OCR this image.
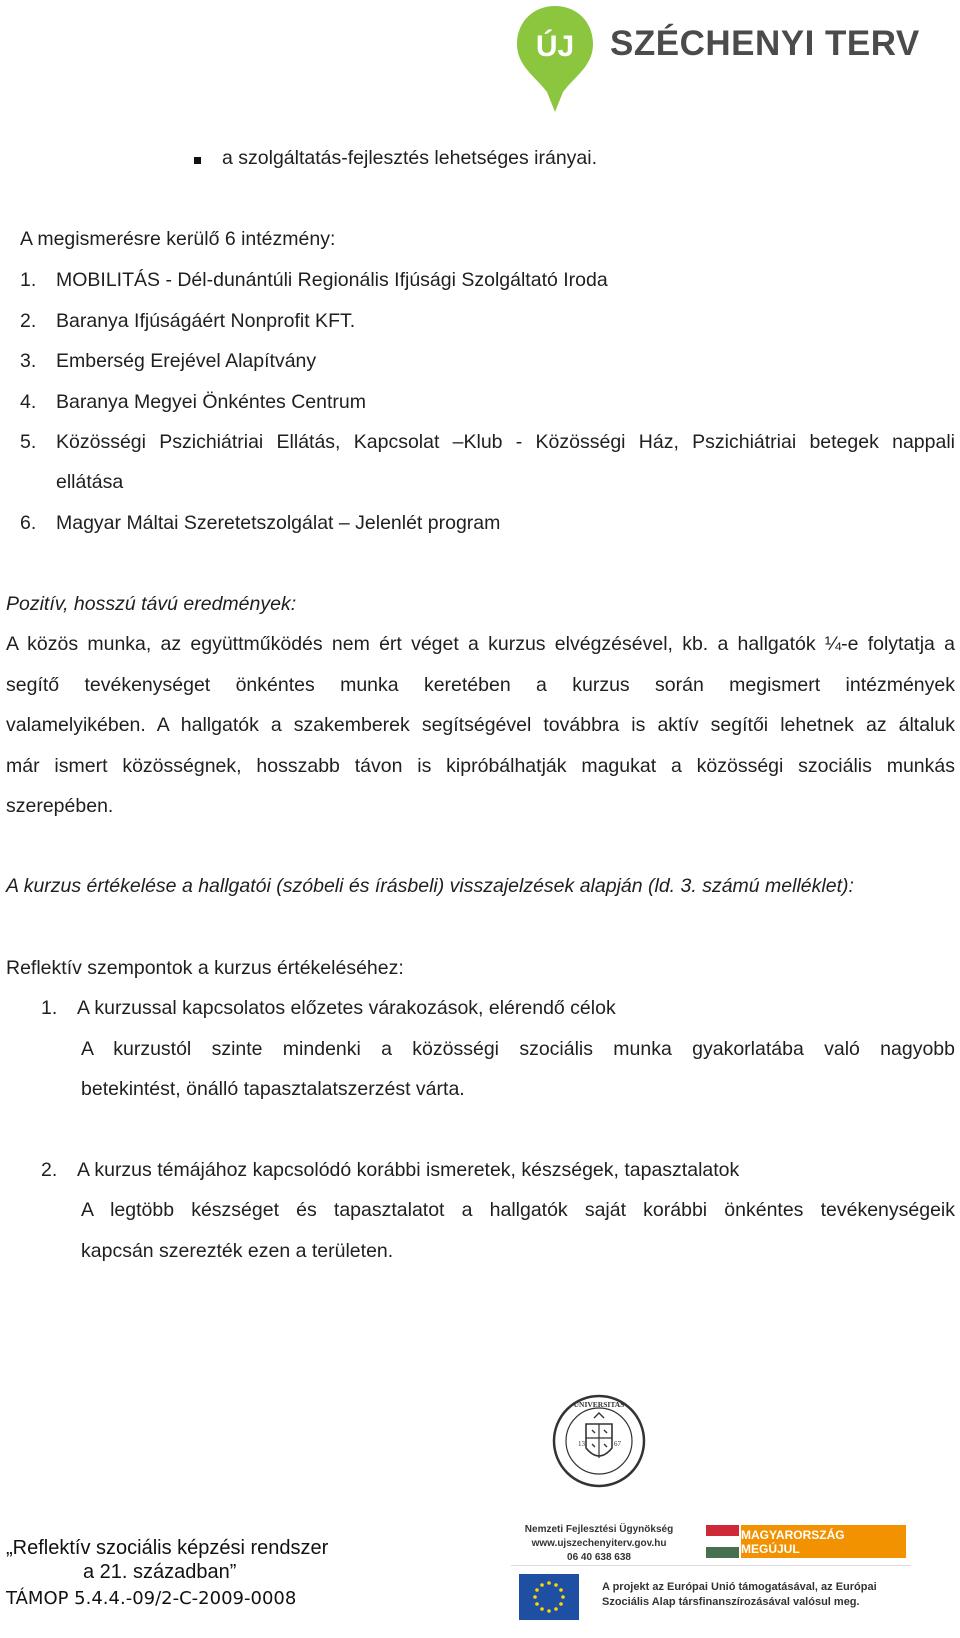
ÚJ SZÉCHENYI TERV
a szolgáltatás-fejlesztés lehetséges irányai.
A megismerésre kerülő 6 intézmény:
1. MOBILITÁS - Dél-dunántúli Regionális Ifjúsági Szolgáltató Iroda
2. Baranya Ifjúságáért Nonprofit KFT.
3. Emberség Erejével Alapítvány
4. Baranya Megyei Önkéntes Centrum
5. Közösségi Pszichiátriai Ellátás, Kapcsolat –Klub - Közösségi Ház, Pszichiátriai betegek nappali
ellátása
6. Magyar Máltai Szeretetszolgálat – Jelenlét program
Pozitív, hosszú távú eredmények:
A közös munka, az együttműködés nem ért véget a kurzus elvégzésével, kb. a hallgatók ¼-e folytatja a
segítő tevékenységet önkéntes munka keretében a kurzus során megismert intézmények
valamelyikében. A hallgatók a szakemberek segítségével továbbra is aktív segítői lehetnek az általuk
már ismert közösségnek, hosszabb távon is kipróbálhatják magukat a közösségi szociális munkás
szerepében.
A kurzus értékelése a hallgatói (szóbeli és írásbeli) visszajelzések alapján (ld. 3. számú melléklet):
Reflektív szempontok a kurzus értékeléséhez:
1. A kurzussal kapcsolatos előzetes várakozások, elérendő célok
A kurzustól szinte mindenki a közösségi szociális munka gyakorlatába való nagyobb
betekintést, önálló tapasztalatszerzést várta.
2. A kurzus témájához kapcsolódó korábbi ismeretek, készségek, tapasztalatok
A legtöbb készséget és tapasztalatot a hallgatók saját korábbi önkéntes tevékenységeik
kapcsán szerezték ezen a területen.
13	67
UNIVERSITAS
„Reflektív szociális képzési rendszer
a 21. században”
TÁMOP 5.4.4.-09/2-C-2009-0008
Nemzeti Fejlesztési Ügynökség
www.ujszechenyiterv.gov.hu
06 40 638 638
MAGYARORSZÁG MEGÚJUL
A projekt az Európai Unió támogatásával, az Európai
Szociális Alap társfinanszírozásával valósul meg.
